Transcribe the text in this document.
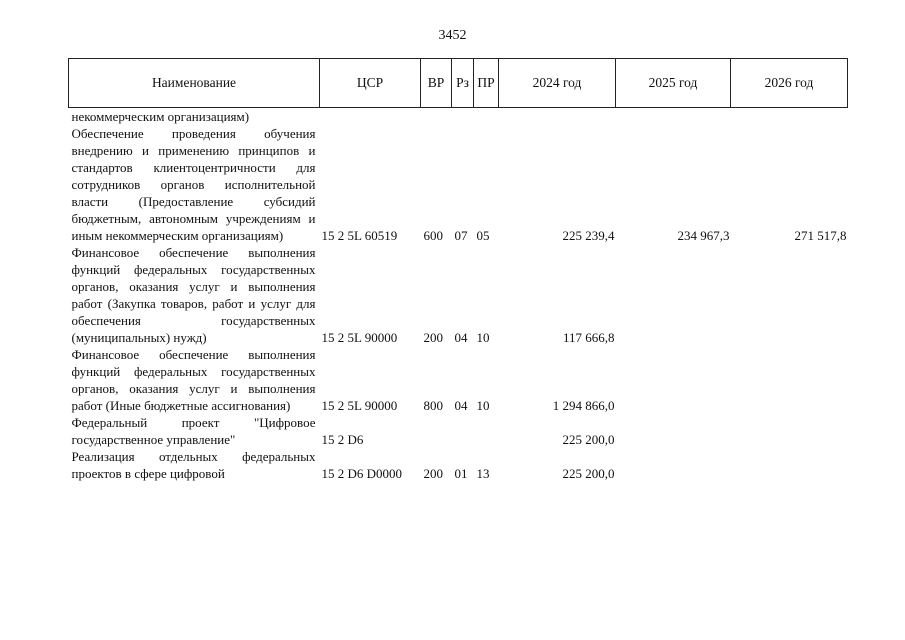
3452
Наименование	ЦСР	ВР	Рз	ПР	2024 год	2025 год	2026 год
некоммерческим организациям)							
Обеспечение проведения обучения внедрению и применению принципов и стандартов клиентоцентричности для сотрудников органов исполнительной власти (Предоставление субсидий бюджетным, автономным учреждениям и иным некоммерческим организациям)	15 2 5L 60519	600	07	05	225 239,4	234 967,3	271 517,8
Финансовое обеспечение выполнения функций федеральных государственных органов, оказания услуг и выполнения работ (Закупка товаров, работ и услуг для обеспечения государственных (муниципальных) нужд)	15 2 5L 90000	200	04	10	117 666,8		
Финансовое обеспечение выполнения функций федеральных государственных органов, оказания услуг и выполнения работ (Иные бюджетные ассигнования)	15 2 5L 90000	800	04	10	1 294 866,0		
Федеральный проект "Цифровое государственное управление"	15 2 D6				225 200,0		
Реализация отдельных федеральных проектов в сфере цифровой	15 2 D6 D0000	200	01	13	225 200,0		
